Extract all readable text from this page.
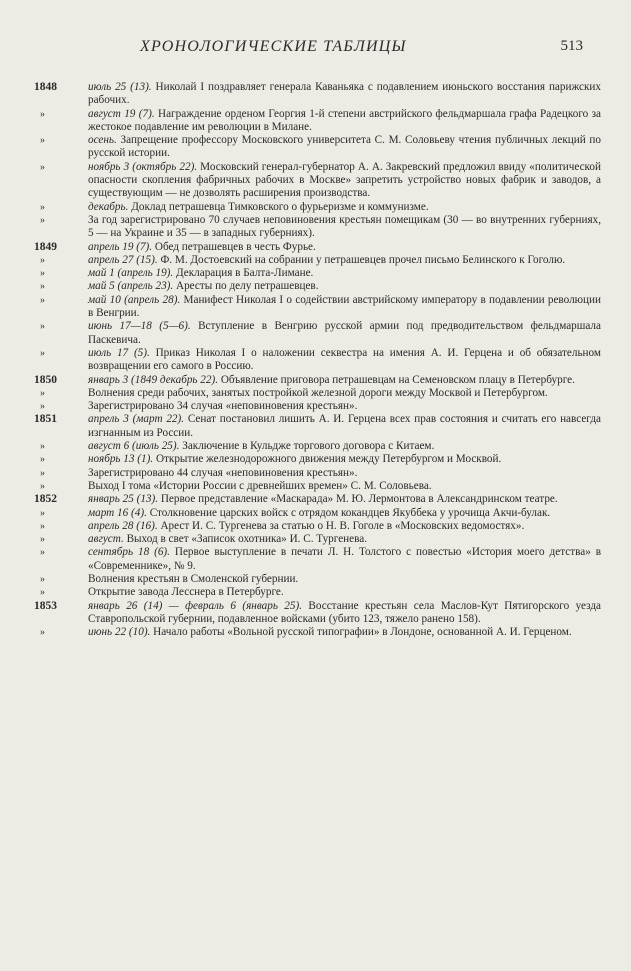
ХРОНОЛОГИЧЕСКИЕ ТАБЛИЦЫ	513
1848	июль 25 (13). Николай I поздравляет генерала Каваньяка с подавлением июньского восстания парижских рабочих.
»	август 19 (7). Награждение орденом Георгия 1-й степени австрийского фельдмаршала графа Радецкого за жестокое подавление им революции в Милане.
»	осень. Запрещение профессору Московского университета С. М. Соловьеву чтения публичных лекций по русской истории.
»	ноябрь 3 (октябрь 22). Московский генерал-губернатор А. А. Закревский предложил ввиду «политической опасности скопления фабричных рабочих в Москве» запретить устройство новых фабрик и заводов, а существующим — не дозволять расширения производства.
»	декабрь. Доклад петрашевца Тимковского о фурьеризме и коммунизме.
»	За год зарегистрировано 70 случаев неповиновения крестьян помещикам (30 — во внутренних губерниях, 5 — на Украине и 35 — в западных губерниях).
1849	апрель 19 (7). Обед петрашевцев в честь Фурье.
»	апрель 27 (15). Ф. М. Достоевский на собрании у петрашевцев прочел письмо Белинского к Гоголю.
»	май 1 (апрель 19). Декларация в Балта-Лимане.
»	май 5 (апрель 23). Аресты по делу петрашевцев.
»	май 10 (апрель 28). Манифест Николая I о содействии австрийскому императору в подавлении революции в Венгрии.
»	июнь 17—18 (5—6). Вступление в Венгрию русской армии под предводительством фельдмаршала Паскевича.
»	июль 17 (5). Приказ Николая I о наложении секвестра на имения А. И. Герцена и об обязательном возвращении его самого в Россию.
1850	январь 3 (1849 декабрь 22). Объявление приговора петрашевцам на Семеновском плацу в Петербурге.
»	Волнения среди рабочих, занятых постройкой железной дороги между Москвой и Петербургом.
»	Зарегистрировано 34 случая «неповиновения крестьян».
1851	апрель 3 (март 22). Сенат постановил лишить А. И. Герцена всех прав состояния и считать его навсегда изгнанным из России.
»	август 6 (июль 25). Заключение в Кульдже торгового договора с Китаем.
»	ноябрь 13 (1). Открытие железнодорожного движения между Петербургом и Москвой.
»	Зарегистрировано 44 случая «неповиновения крестьян».
»	Выход I тома «Истории России с древнейших времен» С. М. Соловьева.
1852	январь 25 (13). Первое представление «Маскарада» М. Ю. Лермонтова в Александринском театре.
»	март 16 (4). Столкновение царских войск с отрядом кокандцев Якуббека у урочища Акчи-булак.
»	апрель 28 (16). Арест И. С. Тургенева за статью о Н. В. Гоголе в «Московских ведомостях».
»	август. Выход в свет «Записок охотника» И. С. Тургенева.
»	сентябрь 18 (6). Первое выступление в печати Л. Н. Толстого с повестью «История моего детства» в «Современнике», № 9.
»	Волнения крестьян в Смоленской губернии.
»	Открытие завода Лесснера в Петербурге.
1853	январь 26 (14) — февраль 6 (январь 25). Восстание крестьян села Маслов-Кут Пятигорского уезда Ставропольской губернии, подавленное войсками (убито 123, тяжело ранено 158).
»	июнь 22 (10). Начало работы «Вольной русской типографии» в Лондоне, основанной А. И. Герценом.
